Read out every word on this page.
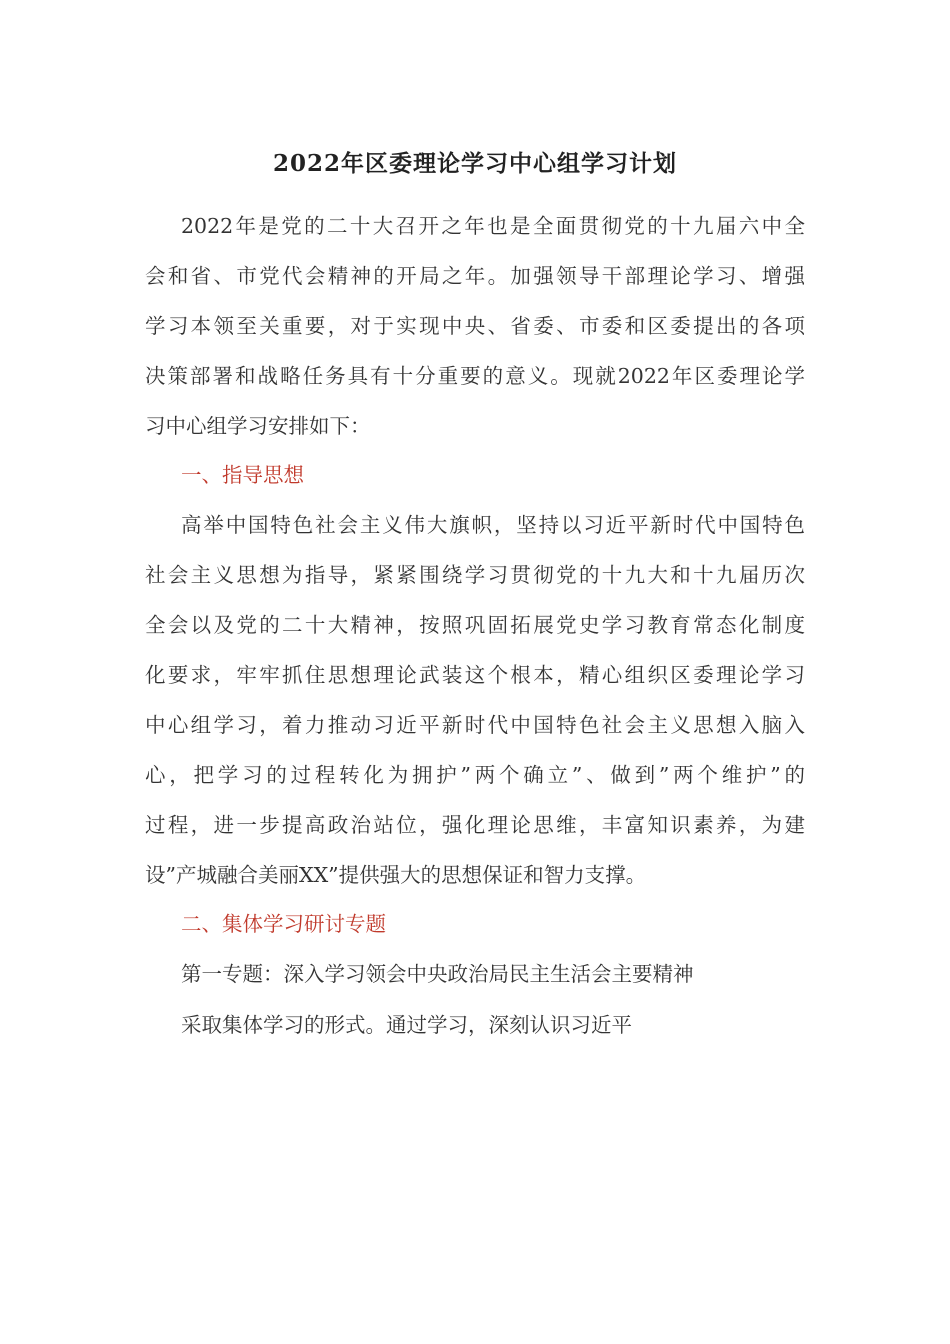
2022年区委理论学习中心组学习计划
2022年是党的二十大召开之年也是全面贯彻党的十九届六中全
会和省、市党代会精神的开局之年。加强领导干部理论学习、增强
学习本领至关重要，对于实现中央、省委、市委和区委提出的各项
决策部署和战略任务具有十分重要的意义。现就2022年区委理论学
习中心组学习安排如下：
一、指导思想
高举中国特色社会主义伟大旗帜，坚持以习近平新时代中国特色
社会主义思想为指导，紧紧围绕学习贯彻党的十九大和十九届历次
全会以及党的二十大精神，按照巩固拓展党史学习教育常态化制度
化要求，牢牢抓住思想理论武装这个根本，精心组织区委理论学习
中心组学习，着力推动习近平新时代中国特色社会主义思想入脑入
心，把学习的过程转化为拥护”两个确立”、做到”两个维护”的
过程，进一步提高政治站位，强化理论思维，丰富知识素养，为建
设”产城融合美丽XX”提供强大的思想保证和智力支撑。
二、集体学习研讨专题
第一专题：深入学习领会中央政治局民主生活会主要精神
采取集体学习的形式。通过学习，深刻认识习近平
